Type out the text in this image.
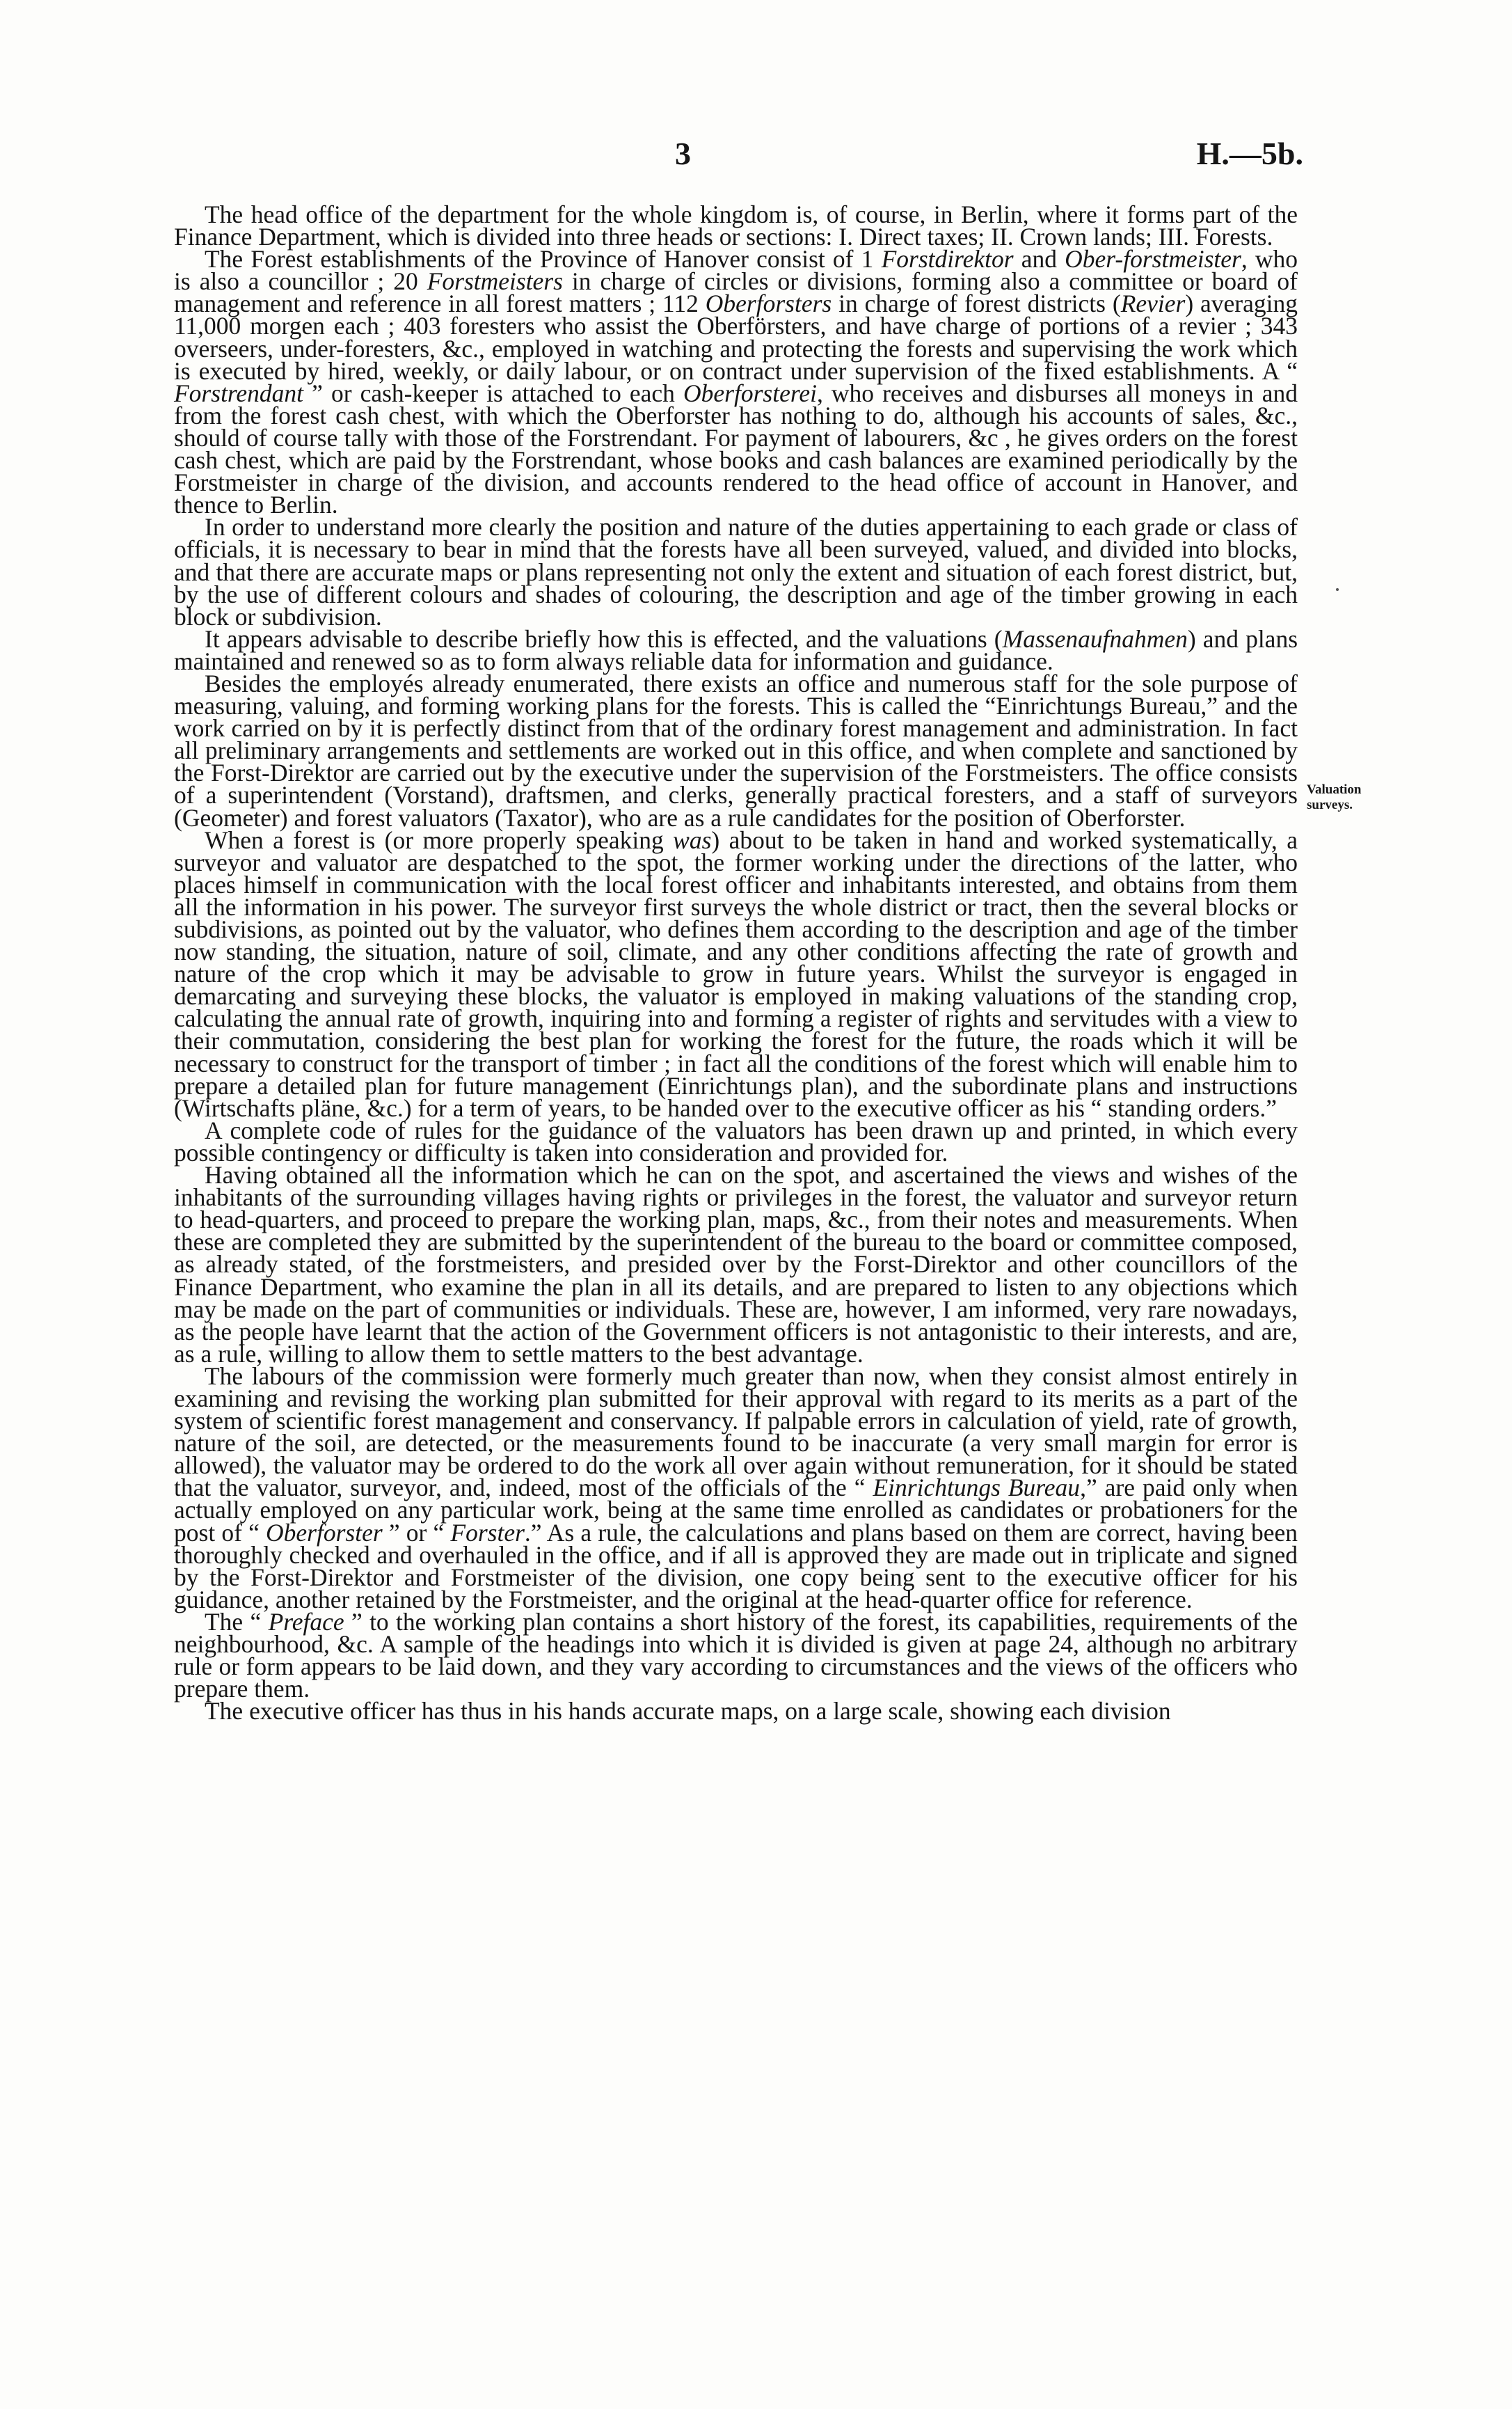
3	H.—5b.

The head office of the department for the whole kingdom is, of course, in Berlin, where it forms part of the Finance Department, which is divided into three heads or sections: I. Direct taxes; II. Crown lands; III. Forests.

The Forest establishments of the Province of Hanover consist of 1 Forstdirektor and Ober-forstmeister, who is also a councillor ; 20 Forstmeisters in charge of circles or divisions, forming also a committee or board of management and reference in all forest matters ; 112 Oberforsters in charge of forest districts (Revier) averaging 11,000 morgen each ; 403 foresters who assist the Oberförsters, and have charge of portions of a revier ; 343 overseers, under-foresters, &c., employed in watching and protecting the forests and supervising the work which is executed by hired, weekly, or daily labour, or on contract under supervision of the fixed establishments. A “ Forstrendant ” or cash-keeper is attached to each Oberforsterei, who receives and disburses all moneys in and from the forest cash chest, with which the Oberforster has nothing to do, although his accounts of sales, &c., should of course tally with those of the Forstrendant. For payment of labourers, &c , he gives orders on the forest cash chest, which are paid by the Forstrendant, whose books and cash balances are examined periodically by the Forstmeister in charge of the division, and accounts rendered to the head office of account in Hanover, and thence to Berlin.

In order to understand more clearly the position and nature of the duties appertaining to each grade or class of officials, it is necessary to bear in mind that the forests have all been surveyed, valued, and divided into blocks, and that there are accurate maps or plans representing not only the extent and situation of each forest district, but, by the use of different colours and shades of colouring, the description and age of the timber growing in each block or subdivision.

It appears advisable to describe briefly how this is effected, and the valuations (Massenaufnahmen) and plans maintained and renewed so as to form always reliable data for information and guidance.

Besides the employés already enumerated, there exists an office and numerous staff for the sole purpose of measuring, valuing, and forming working plans for the forests. This is called the “Einrichtungs Bureau,” and the work carried on by it is perfectly distinct from that of the ordinary forest management and administration. In fact all preliminary arrangements and settlements are worked out in this office, and when complete and sanctioned by the Forst-Direktor are carried out by the executive under the supervision of the Forstmeisters. The office consists of a superintendent (Vorstand), draftsmen, and clerks, generally practical foresters, and a staff of surveyors (Geometer) and forest valuators (Taxator), who are as a rule candidates for the position of Oberforster.

When a forest is (or more properly speaking was) about to be taken in hand and worked systematically, a surveyor and valuator are despatched to the spot, the former working under the directions of the latter, who places himself in communication with the local forest officer and inhabitants interested, and obtains from them all the information in his power. The surveyor first surveys the whole district or tract, then the several blocks or subdivisions, as pointed out by the valuator, who defines them according to the description and age of the timber now standing, the situation, nature of soil, climate, and any other conditions affecting the rate of growth and nature of the crop which it may be advisable to grow in future years. Whilst the surveyor is engaged in demarcating and surveying these blocks, the valuator is employed in making valuations of the standing crop, calculating the annual rate of growth, inquiring into and forming a register of rights and servitudes with a view to their commutation, considering the best plan for working the forest for the future, the roads which it will be necessary to construct for the transport of timber ; in fact all the conditions of the forest which will enable him to prepare a detailed plan for future management (Einrichtungs plan), and the subordinate plans and instructions (Wirtschafts pläne, &c.) for a term of years, to be handed over to the executive officer as his “ standing orders.”

A complete code of rules for the guidance of the valuators has been drawn up and printed, in which every possible contingency or difficulty is taken into consideration and provided for.

Having obtained all the information which he can on the spot, and ascertained the views and wishes of the inhabitants of the surrounding villages having rights or privileges in the forest, the valuator and surveyor return to head-quarters, and proceed to prepare the working plan, maps, &c., from their notes and measurements. When these are completed they are submitted by the superintendent of the bureau to the board or committee composed, as already stated, of the forstmeisters, and presided over by the Forst-Direktor and other councillors of the Finance Department, who examine the plan in all its details, and are prepared to listen to any objections which may be made on the part of communities or individuals. These are, however, I am informed, very rare nowadays, as the people have learnt that the action of the Government officers is not antagonistic to their interests, and are, as a rule, willing to allow them to settle matters to the best advantage.

The labours of the commission were formerly much greater than now, when they consist almost entirely in examining and revising the working plan submitted for their approval with regard to its merits as a part of the system of scientific forest management and conservancy. If palpable errors in calculation of yield, rate of growth, nature of the soil, are detected, or the measurements found to be inaccurate (a very small margin for error is allowed), the valuator may be ordered to do the work all over again without remuneration, for it should be stated that the valuator, surveyor, and, indeed, most of the officials of the “ Einrichtungs Bureau,” are paid only when actually employed on any particular work, being at the same time enrolled as candidates or probationers for the post of “ Oberforster ” or “ Forster.” As a rule, the calculations and plans based on them are correct, having been thoroughly checked and overhauled in the office, and if all is approved they are made out in triplicate and signed by the Forst-Direktor and Forstmeister of the division, one copy being sent to the executive officer for his guidance, another retained by the Forstmeister, and the original at the head-quarter office for reference.

The “ Preface ” to the working plan contains a short history of the forest, its capabilities, requirements of the neighbourhood, &c. A sample of the headings into which it is divided is given at page 24, although no arbitrary rule or form appears to be laid down, and they vary according to circumstances and the views of the officers who prepare them.

The executive officer has thus in his hands accurate maps, on a large scale, showing each division

Valuation surveys.
